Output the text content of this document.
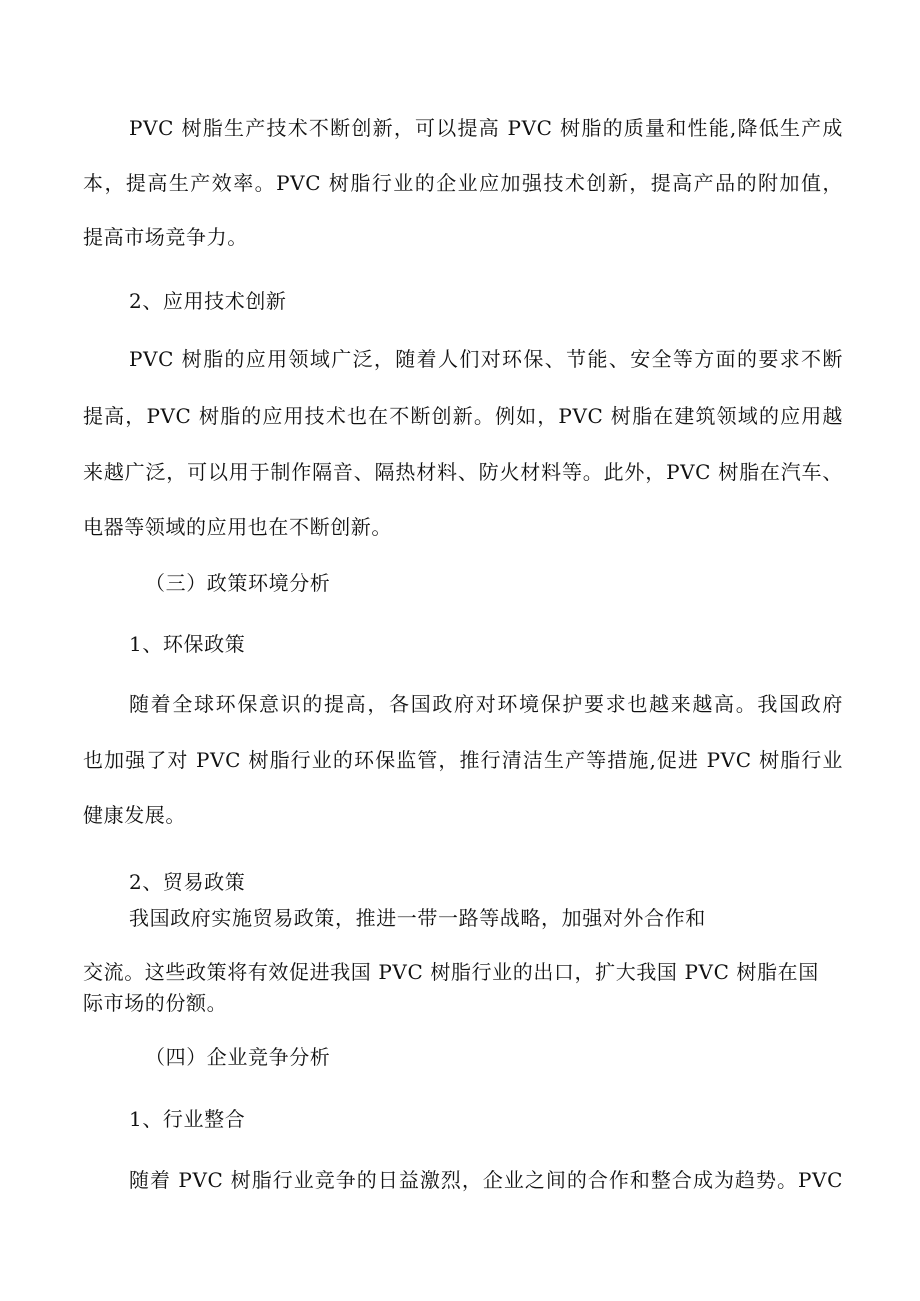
PVC 树脂生产技术不断创新，可以提高 PVC 树脂的质量和性能,降低生产成
本，提高生产效率。PVC 树脂行业的企业应加强技术创新，提高产品的附加值，
提高市场竞争力。
2、应用技术创新
PVC 树脂的应用领域广泛，随着人们对环保、节能、安全等方面的要求不断
提高，PVC 树脂的应用技术也在不断创新。例如，PVC 树脂在建筑领域的应用越
来越广泛，可以用于制作隔音、隔热材料、防火材料等。此外，PVC 树脂在汽车、
电器等领域的应用也在不断创新。
（三）政策环境分析
1、环保政策
随着全球环保意识的提高，各国政府对环境保护要求也越来越高。我国政府
也加强了对 PVC 树脂行业的环保监管，推行清洁生产等措施,促进 PVC 树脂行业
健康发展。
2、贸易政策
我国政府实施贸易政策，推进一带一路等战略，加强对外合作和
交流。这些政策将有效促进我国 PVC 树脂行业的出口，扩大我国 PVC 树脂在国
际市场的份额。
（四）企业竞争分析
1、行业整合
随着 PVC 树脂行业竞争的日益激烈，企业之间的合作和整合成为趋势。PVC
